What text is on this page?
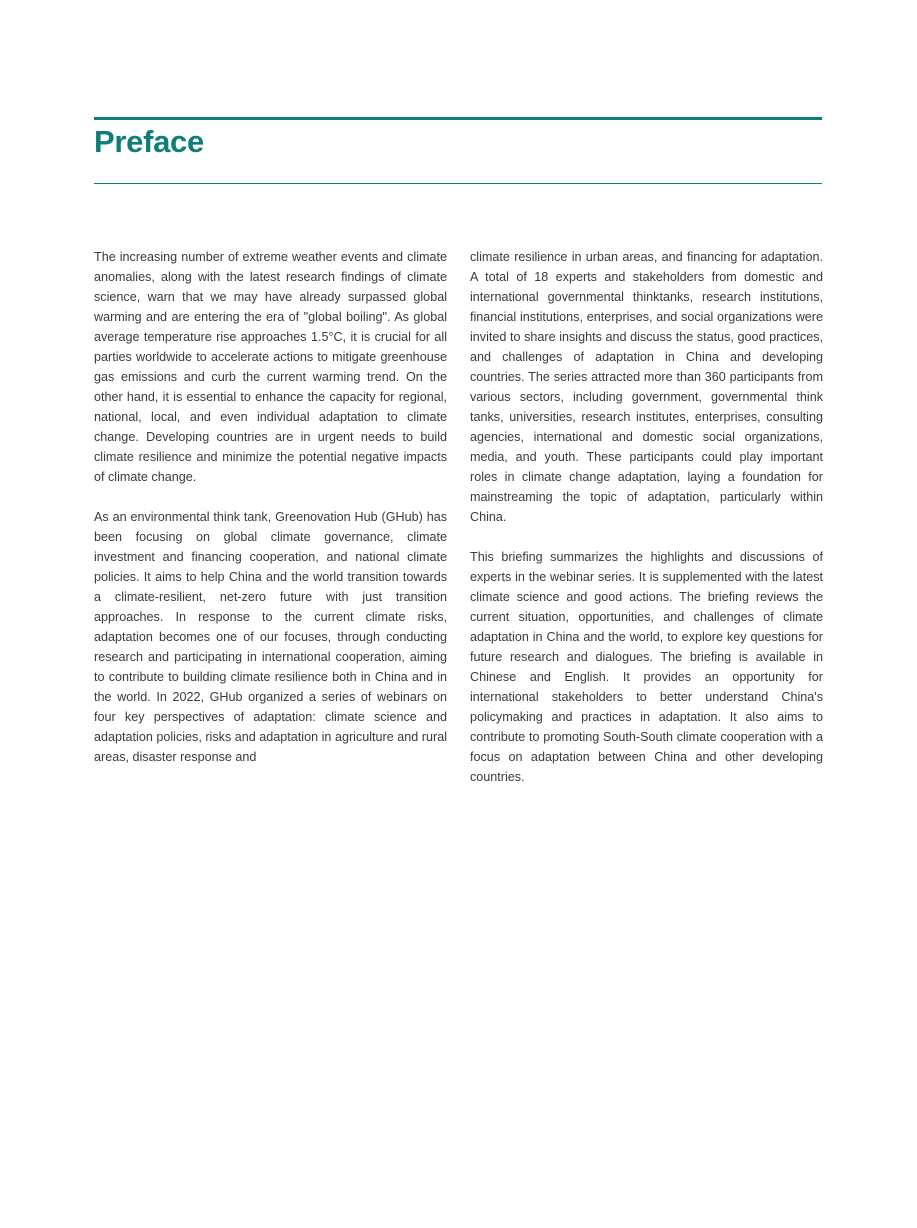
Preface

The increasing number of extreme weather events and climate anomalies, along with the latest research findings of climate science, warn that we may have already surpassed global warming and are entering the era of "global boiling". As global average temperature rise approaches 1.5°C, it is crucial for all parties worldwide to accelerate actions to mitigate greenhouse gas emissions and curb the current warming trend. On the other hand, it is essential to enhance the capacity for regional, national, local, and even individual adaptation to climate change. Developing countries are in urgent needs to build climate resilience and minimize the potential negative impacts of climate change.

As an environmental think tank, Greenovation Hub (GHub) has been focusing on global climate governance, climate investment and financing cooperation, and national climate policies. It aims to help China and the world transition towards a climate-resilient, net-zero future with just transition approaches. In response to the current climate risks, adaptation becomes one of our focuses, through conducting research and participating in international cooperation, aiming to contribute to building climate resilience both in China and in the world. In 2022, GHub organized a series of webinars on four key perspectives of adaptation: climate science and adaptation policies, risks and adaptation in agriculture and rural areas, disaster response and

climate resilience in urban areas, and financing for adaptation. A total of 18 experts and stakeholders from domestic and international governmental thinktanks, research institutions, financial institutions, enterprises, and social organizations were invited to share insights and discuss the status, good practices, and challenges of adaptation in China and developing countries. The series attracted more than 360 participants from various sectors, including government, governmental think tanks, universities, research institutes, enterprises, consulting agencies, international and domestic social organizations, media, and youth. These participants could play important roles in climate change adaptation, laying a foundation for mainstreaming the topic of adaptation, particularly within China.

This briefing summarizes the highlights and discussions of experts in the webinar series. It is supplemented with the latest climate science and good actions. The briefing reviews the current situation, opportunities, and challenges of climate adaptation in China and the world, to explore key questions for future research and dialogues. The briefing is available in Chinese and English. It provides an opportunity for international stakeholders to better understand China's policymaking and practices in adaptation. It also aims to contribute to promoting South-South climate cooperation with a focus on adaptation between China and other developing countries.
